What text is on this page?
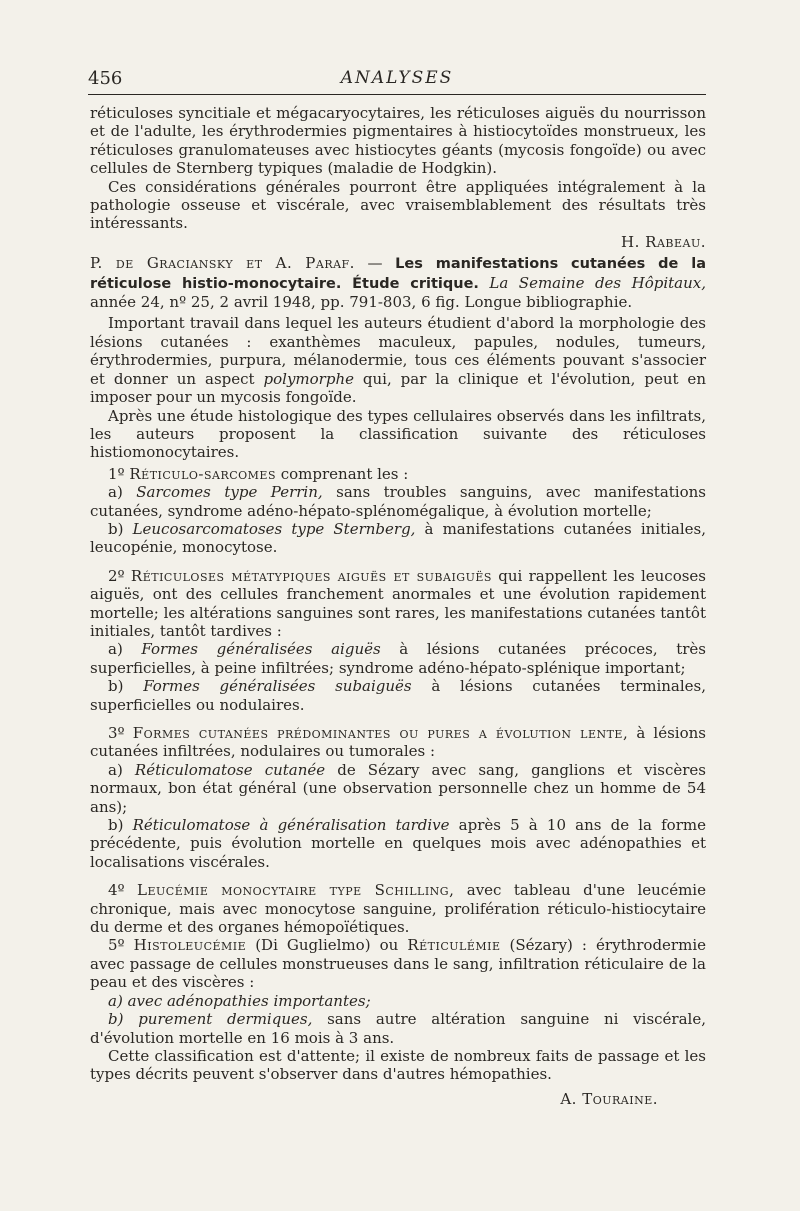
456	ANALYSES

réticuloses syncitiale et mégacaryocytaires, les réticuloses aiguës du nourrisson et de l'adulte, les érythrodermies pigmentaires à histiocytoïdes monstrueux, les réticuloses granulomateuses avec histiocytes géants (mycosis fongoïde) ou avec cellules de Sternberg typiques (maladie de Hodgkin).

Ces considérations générales pourront être appliquées intégralement à la pathologie osseuse et viscérale, avec vraisemblablement des résultats très intéressants.

H. Rabeau.

P. de Graciansky et A. Paraf. — Les manifestations cutanées de la réticulose histio-monocytaire. Étude critique. La Semaine des Hôpitaux, année 24, nº 25, 2 avril 1948, pp. 791-803, 6 fig. Longue bibliographie.

Important travail dans lequel les auteurs étudient d'abord la morphologie des lésions cutanées : exanthèmes maculeux, papules, nodules, tumeurs, érythrodermies, purpura, mélanodermie, tous ces éléments pouvant s'associer et donner un aspect polymorphe qui, par la clinique et l'évolution, peut en imposer pour un mycosis fongoïde.

Après une étude histologique des types cellulaires observés dans les infiltrats, les auteurs proposent la classification suivante des réticuloses histiomonocytaires.

1º Réticulo-sarcomes comprenant les :

a) Sarcomes type Perrin, sans troubles sanguins, avec manifestations cutanées, syndrome adéno-hépato-splénomégalique, à évolution mortelle;

b) Leucosarcomatoses type Sternberg, à manifestations cutanées initiales, leucopénie, monocytose.

2º Réticuloses métatypiques aiguës et subaiguës qui rappellent les leucoses aiguës, ont des cellules franchement anormales et une évolution rapidement mortelle; les altérations sanguines sont rares, les manifestations cutanées tantôt initiales, tantôt tardives :

a) Formes généralisées aiguës à lésions cutanées précoces, très superficielles, à peine infiltrées; syndrome adéno-hépato-splénique important;

b) Formes généralisées subaiguës à lésions cutanées terminales, superficielles ou nodulaires.

3º Formes cutanées prédominantes ou pures a évolution lente, à lésions cutanées infiltrées, nodulaires ou tumorales :

a) Réticulomatose cutanée de Sézary avec sang, ganglions et viscères normaux, bon état général (une observation personnelle chez un homme de 54 ans);

b) Réticulomatose à généralisation tardive après 5 à 10 ans de la forme précédente, puis évolution mortelle en quelques mois avec adénopathies et localisations viscérales.

4º Leucémie monocytaire type Schilling, avec tableau d'une leucémie chronique, mais avec monocytose sanguine, prolifération réticulo-histiocytaire du derme et des organes hémopoïétiques.

5º Histoleucémie (Di Guglielmo) ou Réticulémie (Sézary) : érythrodermie avec passage de cellules monstrueuses dans le sang, infiltration réticulaire de la peau et des viscères :

a) avec adénopathies importantes;

b) purement dermiques, sans autre altération sanguine ni viscérale, d'évolution mortelle en 16 mois à 3 ans.

Cette classification est d'attente; il existe de nombreux faits de passage et les types décrits peuvent s'observer dans d'autres hémopathies.

A. Touraine.
